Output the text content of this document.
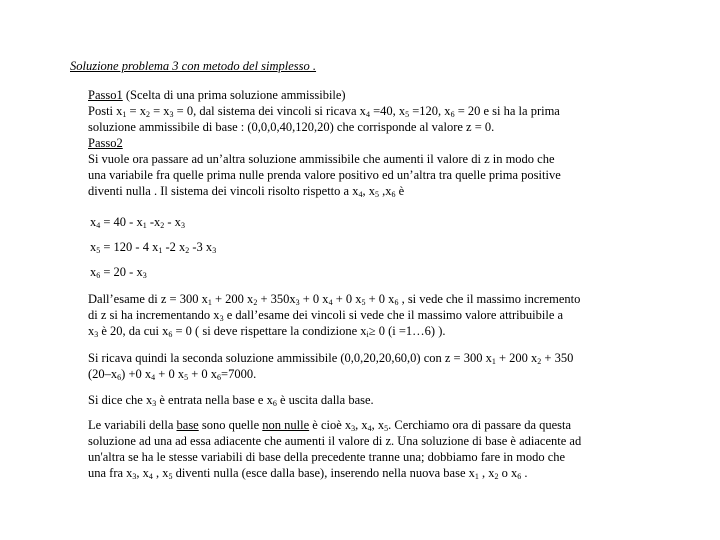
Soluzione problema 3 con metodo del simplesso .
Passo1 (Scelta di una prima soluzione ammissibile)
Posti $x_1 = x_2 = x_3 = 0$, dal sistema dei vincoli si ricava $x_4 =40$, $x_5 =120$, $x_6 = 20$ e si ha la prima
soluzione ammissibile di base : (0,0,0,40,120,20) che corrisponde al valore z = 0.
Passo2
Si vuole ora passare ad un’altra soluzione ammissibile che aumenti il valore di z in modo che
una variabile fra quelle prima nulle prenda valore positivo ed un’altra tra quelle prima positive
diventi nulla . Il sistema dei vincoli risolto rispetto a $x_4$, $x_5$ $,x_6$ è
$x_4 = 40 - x_1$ $-x_2 - x_3$
$x_5 = 120 - 4$ $x_1$ -2 $x_2$ -3 $x_3$
$x_6 = 20 - x_3$
Dall’esame di z = 300 $x_1 + 200$ $x_2 + 350x_3 + 0$ $x_4 + 0$ $x_5 + 0$ $x_6$ , si vede che il massimo incremento
di z si ha incrementando $x_3$ e dall’esame dei vincoli si vede che il massimo valore attribuibile a
$x_3$ è 20, da cui $x_6 = 0$ ( si deve rispettare la condizione $x_i\ge 0$ (i =1…6) ).
Si ricava quindi la seconda soluzione ammissibile (0,0,20,20,60,0) con z = 300 $x_1 + 200$ $x_2 + 350$
$(20-x_6) +0$ $x_4 + 0$ $x_5 + 0$ $x_6=7000$.
Si dice che $x_3$ è entrata nella base e $x_6$ è uscita dalla base.
Le variabili della base sono quelle non nulle è cioè $x_3$, $x_4$, $x_5$. Cerchiamo ora di passare da questa
soluzione ad una ad essa adiacente che aumenti il valore di z. Una soluzione di base è adiacente ad
un'altra se ha le stesse variabili di base della precedente tranne una; dobbiamo fare in modo che
una fra $x_3$, $x_4$ , $x_5$ diventi nulla (esce dalla base), inserendo nella nuova base $x_1$ , $x_2$ o $x_6$ .
